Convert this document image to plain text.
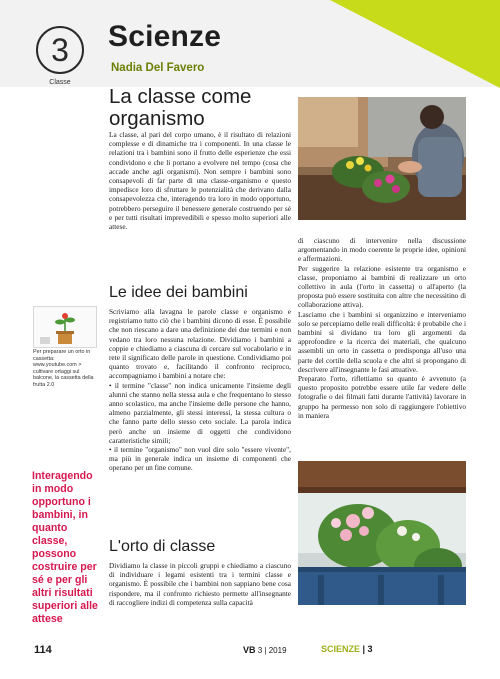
3
Classe
Scienze
Nadia Del Favero
La classe come organismo

La classe, al pari del corpo umano, è il risultato di relazioni complesse e di dinamiche tra i componenti. In una classe le relazioni tra i bambini sono il frutto delle esperienze che essi condividono e che li portano a evolvere nel tempo (cosa che accade anche agli organismi). Non sempre i bambini sono consapevoli di far parte di una classe-organismo e questo impedisce loro di sfruttare le potenzialità che derivano dalla consapevolezza che, interagendo tra loro in modo opportuno, potrebbero perseguire il benessere generale costruendo per sé e per tutti risultati imprevedibili e spesso molto superiori alle attese.

Le idee dei bambini

Scriviamo alla lavagna le parole classe e organismo e registriamo tutto ciò che i bambini dicono di esse. È possibile che non riescano a dare una definizione dei due termini e non vedano tra loro nessuna relazione. Dividiamo i bambini a coppie e chiediamo a ciascuna di cercare sul vocabolario e in rete il significato delle parole in questione. Condividiamo poi quanto trovato e, facilitando il confronto reciproco, accompagniamo i bambini a notare che:

• il termine "classe" non indica unicamente l'insieme degli alunni che stanno nella stessa aula e che frequentano lo stesso anno scolastico, ma anche l'insieme delle persone che hanno, almeno parzialmente, gli stessi interessi, la stessa cultura o che fanno parte dello stesso ceto sociale. La parola indica però anche un insieme di oggetti che condividono caratteristiche simili;

• il termine "organismo" non vuol dire solo "essere vivente", ma più in generale indica un insieme di componenti che operano per un fine comune.

L'orto di classe

Dividiamo la classe in piccoli gruppi e chiediamo a ciascuno di individuare i legami esistenti tra i termini classe e organismo. È possibile che i bambini non sappiano bene cosa rispondere, ma il confronto richiesto permette all'insegnante di raccogliere indizi di competenza sulla capacità

di ciascuno di intervenire nella discussione argomentando in modo coerente le proprie idee, opinioni e affermazioni.

Per suggerire la relazione esistente tra organismo e classe, proponiamo ai bambini di realizzare un orto collettivo in aula (l'orto in cassetta) o all'aperto (la proposta può essere sostituita con altre che necessitino di collaborazione attiva).

Lasciamo che i bambini si organizzino e interveniamo solo se percepiamo delle reali difficoltà: è probabile che i bambini si dividano tra loro gli argomenti da approfondire e la ricerca dei materiali, che qualcuno assembli un orto in cassetta o predisponga all'uso una parte del cortile della scuola e che altri si propongano di descrivere all'insegnante le fasi attuative.

Preparato l'orto, riflettiamo su quanto è avvenuto (a questo proposito potrebbe essere utile far vedere delle fotografie o dei filmati fatti durante l'attività) lavorare in gruppo ha permesso non solo di raggiungere l'obiettivo in maniera

Per preparare un orto in cassetta: www.youtube.com > cultivare ortaggi sul balcone, la cassetta della frutta 2.0
Interagendo in modo opportuno i bambini, in quanto classe, possono costruire per sé e per gli altri risultati superiori alle attese
114	VB 3 | 2019	SCIENZE | 3
